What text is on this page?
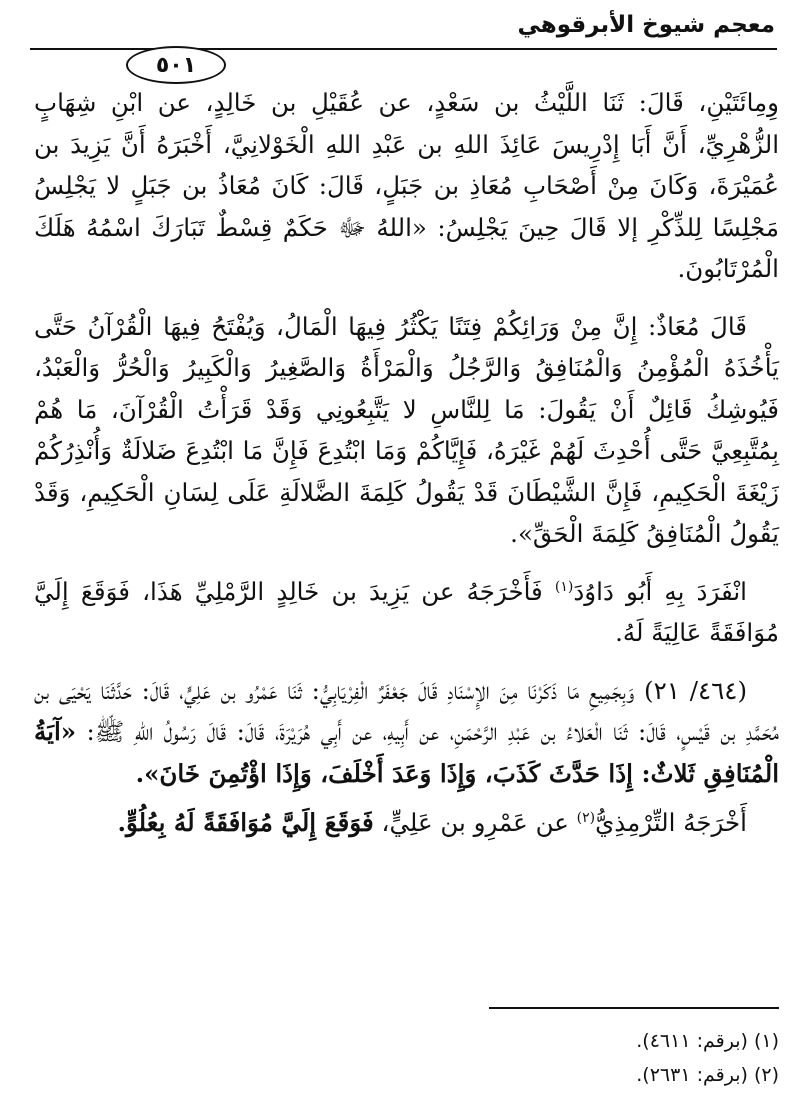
معجم شيوخ الأبرقوهي
٥٠١

وِمِائَتَيْنِ، قَالَ: ثَنَا اللَّيْثُ بن سَعْدٍ، عن عُقَيْلِ بن خَالِدٍ، عن ابْنِ شِهَابٍ الزُّهْرِيِّ، أَنَّ أَبَا إِدْرِيسَ عَائِذَ اللهِ بن عَبْدِ اللهِ الْخَوْلانِيَّ، أَخْبَرَهُ أَنَّ يَزِيدَ بن عُمَيْرَةَ، وَكَانَ مِنْ أَصْحَابِ مُعَاذِ بن جَبَلٍ، قَالَ: كَانَ مُعَاذُ بن جَبَلٍ لا يَجْلِسُ مَجْلِسًا لِلذِّكْرِ إلا قَالَ حِينَ يَجْلِسُ: «اللهُ ﷻ حَكَمٌ قِسْطٌ تَبَارَكَ اسْمُهُ هَلَكَ الْمُرْتَابُونَ.

قَالَ مُعَاذٌ: إِنَّ مِنْ وَرَائِكُمْ فِتَنًا يَكْثُرُ فِيهَا الْمَالُ، وَيُفْتَحُ فِيهَا الْقُرْآنُ حَتَّى يَأْخُذَهُ الْمُؤْمِنُ وَالْمُنَافِقُ وَالرَّجُلُ وَالْمَرْأَةُ وَالصَّغِيرُ وَالْكَبِيرُ وَالْحُرُّ وَالْعَبْدُ، فَيُوشِكُ قَائِلٌ أَنْ يَقُولَ: مَا لِلنَّاسِ لا يَتَّبِعُونِي وَقَدْ قَرَأْتُ الْقُرْآنَ، مَا هُمْ بِمُتَّبِعِيَّ حَتَّى أُحْدِثَ لَهُمْ غَيْرَهُ، فَإِيَّاكُمْ وَمَا ابْتُدِعَ فَإِنَّ مَا ابْتُدِعَ ضَلالَةٌ وَأُنْذِرُكُمْ زَيْغَةَ الْحَكِيمِ، فَإِنَّ الشَّيْطَانَ قَدْ يَقُولُ كَلِمَةَ الضَّلالَةِ عَلَى لِسَانِ الْحَكِيمِ، وَقَدْ يَقُولُ الْمُنَافِقُ كَلِمَةَ الْحَقِّ».

انْفَرَدَ بِهِ أَبُو دَاوُدَ$^{(١)}$ فَأَخْرَجَهُ عن يَزِيدَ بن خَالِدٍ الرَّمْلِيِّ هَذَا، فَوَقَعَ إِلَيَّ مُوَافَقَةً عَالِيَةً لَهُ.

(٤٦٤/ ٢١) وَبِجَمِيعِ مَا ذَكَرْنَا مِنَ الإِسْنَادِ قَالَ جَعْفَرٌ الْفِرْيَابِيُّ: ثَنَا عَمْرُو بن عَلِيٍّ، قَالَ: حَدَّثَنَا يَحْيَى بن مُحَمَّدِ بن قَيْسٍ، قَالَ: ثَنَا الْعَلاءُ بن عَبْدِ الرَّحْمَنِ، عن أَبِيهِ، عن أَبِي هُرَيْرَةَ، قَالَ: قَالَ رَسُولُ اللهِ ﷺ: «آيَةُ الْمُنَافِقِ ثَلاثٌ: إِذَا حَدَّثَ كَذَبَ، وَإِذَا وَعَدَ أَخْلَفَ، وَإِذَا اؤْتُمِنَ خَانَ».

أَخْرَجَهُ التِّرْمِذِيُّ$^{(٢)}$ عن عَمْرِو بن عَلِيٍّ، فَوَقَعَ إِلَيَّ مُوَافَقَةً لَهُ بِعُلُوٍّ.

(١) (برقم: ٤٦١١).

(٢) (برقم: ٢٦٣١).
